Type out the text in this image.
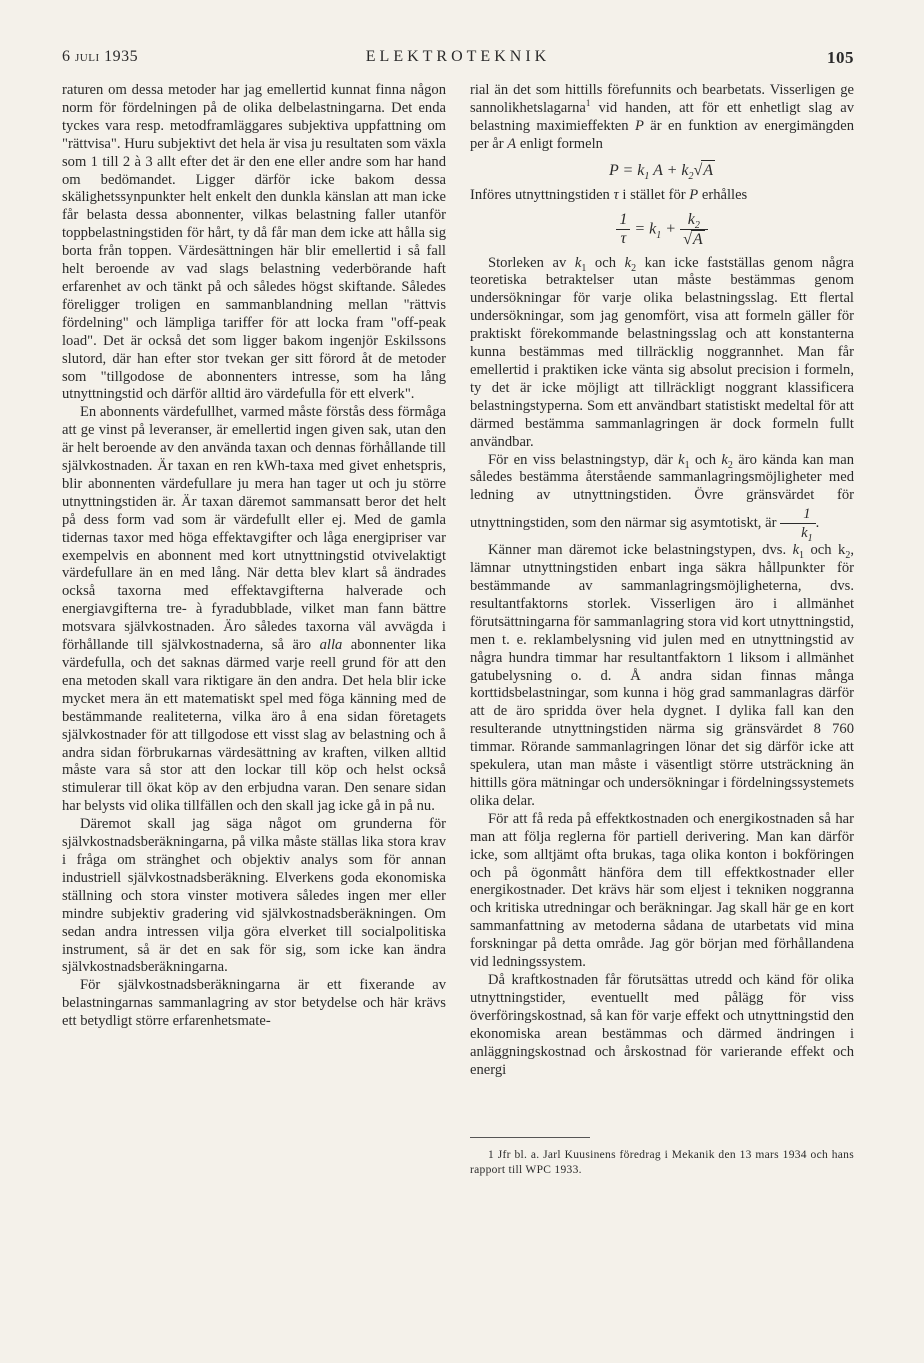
6 juli 1935	ELEKTROTEKNIK	105

raturen om dessa metoder har jag emellertid kunnat finna någon norm för fördelningen på de olika delbelastningarna. Det enda tyckes vara resp. metodframläggares subjektiva uppfattning om "rättvisa". Huru subjektivt det hela är visa ju resultaten som växla som 1 till 2 à 3 allt efter det är den ene eller andre som har hand om bedömandet. Ligger därför icke bakom dessa skälighetssynpunkter helt enkelt den dunkla känslan att man icke får belasta dessa abonnenter, vilkas belastning faller utanför toppbelastningstiden för hårt, ty då får man dem icke att hålla sig borta från toppen. Värdesättningen här blir emellertid i så fall helt beroende av vad slags belastning vederbörande haft erfarenhet av och tänkt på och således högst skiftande. Således föreligger troligen en sammanblandning mellan "rättvis fördelning" och lämpliga tariffer för att locka fram "off-peak load". Det är också det som ligger bakom ingenjör Eskilssons slutord, där han efter stor tvekan ger sitt förord åt de metoder som "tillgodose de abonnenters intresse, som ha lång utnyttningstid och därför alltid äro värdefulla för ett elverk".

En abonnents värdefullhet, varmed måste förstås dess förmåga att ge vinst på leveranser, är emellertid ingen given sak, utan den är helt beroende av den använda taxan och dennas förhållande till självkostnaden. Är taxan en ren kWh-taxa med givet enhetspris, blir abonnenten värdefullare ju mera han tager ut och ju större utnyttningstiden är. Är taxan däremot sammansatt beror det helt på dess form vad som är värdefullt eller ej. Med de gamla tidernas taxor med höga effektavgifter och låga energipriser var exempelvis en abonnent med kort utnyttningstid otvivelaktigt värdefullare än en med lång. När detta blev klart så ändrades också taxorna med effektavgifterna halverade och energiavgifterna tre- à fyradubblade, vilket man fann bättre motsvara självkostnaden. Äro således taxorna väl avvägda i förhållande till självkostnaderna, så äro alla abonnenter lika värdefulla, och det saknas därmed varje reell grund för att den ena metoden skall vara riktigare än den andra. Det hela blir icke mycket mera än ett matematiskt spel med föga känning med de bestämmande realiteterna, vilka äro å ena sidan företagets självkostnader för att tillgodose ett visst slag av belastning och å andra sidan förbrukarnas värdesättning av kraften, vilken alltid måste vara så stor att den lockar till köp och helst också stimulerar till ökat köp av den erbjudna varan. Den senare sidan har belysts vid olika tillfällen och den skall jag icke gå in på nu.

Däremot skall jag säga något om grunderna för självkostnadsberäkningarna, på vilka måste ställas lika stora krav i fråga om stränghet och objektiv analys som för annan industriell självkostnadsberäkning. Elverkens goda ekonomiska ställning och stora vinster motivera således ingen mer eller mindre subjektiv gradering vid självkostnadsberäkningen. Om sedan andra intressen vilja göra elverket till socialpolitiska instrument, så är det en sak för sig, som icke kan ändra självkostnadsberäkningarna.

För självkostnadsberäkningarna är ett fixerande av belastningarnas sammanlagring av stor betydelse och här krävs ett betydligt större erfarenhetsmate-

rial än det som hittills förefunnits och bearbetats. Visserligen ge sannolikhetslagarna$^1$ vid handen, att för ett enhetligt slag av belastning maximieffekten P är en funktion av energimängden per år A enligt formeln

$P = k_1$ $A + k_2√A$

Införes utnyttningstiden τ i stället för P erhålles

$\frac{1}{\tau} = k_1 + \frac{k_2}{√A}$

Storleken av $k_1$ och $k_2$ kan icke fastställas genom några teoretiska betraktelser utan måste bestämmas genom undersökningar för varje olika belastningsslag. Ett flertal undersökningar, som jag genomfört, visa att formeln gäller för praktiskt förekommande belastningsslag och att konstanterna kunna bestämmas med tillräcklig noggrannhet. Man får emellertid i praktiken icke vänta sig absolut precision i formeln, ty det är icke möjligt att tillräckligt noggrant klassificera belastningstyperna. Som ett användbart statistiskt medeltal för att därmed bestämma sammanlagringen är dock formeln fullt användbar.

För en viss belastningstyp, där $k_1$ och $k_2$ äro kända kan man således bestämma återstående sammanlagringsmöjligheter med ledning av utnyttningstiden. Övre gränsvärdet för utnyttningstiden, som den närmar sig asymtotiskt, är $\frac{1}{k_1}$ .

Känner man däremot icke belastningstypen, dvs. $k_1$ och $k_2$, lämnar utnyttningstiden enbart inga säkra hållpunkter för bestämmande av sammanlagringsmöjligheterna, dvs. resultantfaktorns storlek. Visserligen äro i allmänhet förutsättningarna för sammanlagring stora vid kort utnyttningstid, men t. e. reklambelysning vid julen med en utnyttningstid av några hundra timmar har resultantfaktorn 1 liksom i allmänhet gatubelysning o. d. Å andra sidan finnas många korttidsbelastningar, som kunna i hög grad sammanlagras därför att de äro spridda över hela dygnet. I dylika fall kan den resulterande utnyttningstiden närma sig gränsvärdet 8 760 timmar. Rörande sammanlagringen lönar det sig därför icke att spekulera, utan man måste i väsentligt större utsträckning än hittills göra mätningar och undersökningar i fördelningssystemets olika delar.

För att få reda på effektkostnaden och energikostnaden så har man att följa reglerna för partiell derivering. Man kan därför icke, som alltjämt ofta brukas, taga olika konton i bokföringen och på ögonmått hänföra dem till effektkostnader eller energikostnader. Det krävs här som eljest i tekniken noggranna och kritiska utredningar och beräkningar. Jag skall här ge en kort sammanfattning av metoderna sådana de utarbetats vid mina forskningar på detta område. Jag gör början med förhållandena vid ledningssystem.

Då kraftkostnaden får förutsättas utredd och känd för olika utnyttningstider, eventuellt med pålägg för viss överföringskostnad, så kan för varje effekt och utnyttningstid den ekonomiska arean bestämmas och därmed ändringen i anläggningskostnad och årskostnad för varierande effekt och energi

1 Jfr bl. a. Jarl Kuusinens föredrag i Mekanik den 13 mars 1934 och hans rapport till WPC 1933.
